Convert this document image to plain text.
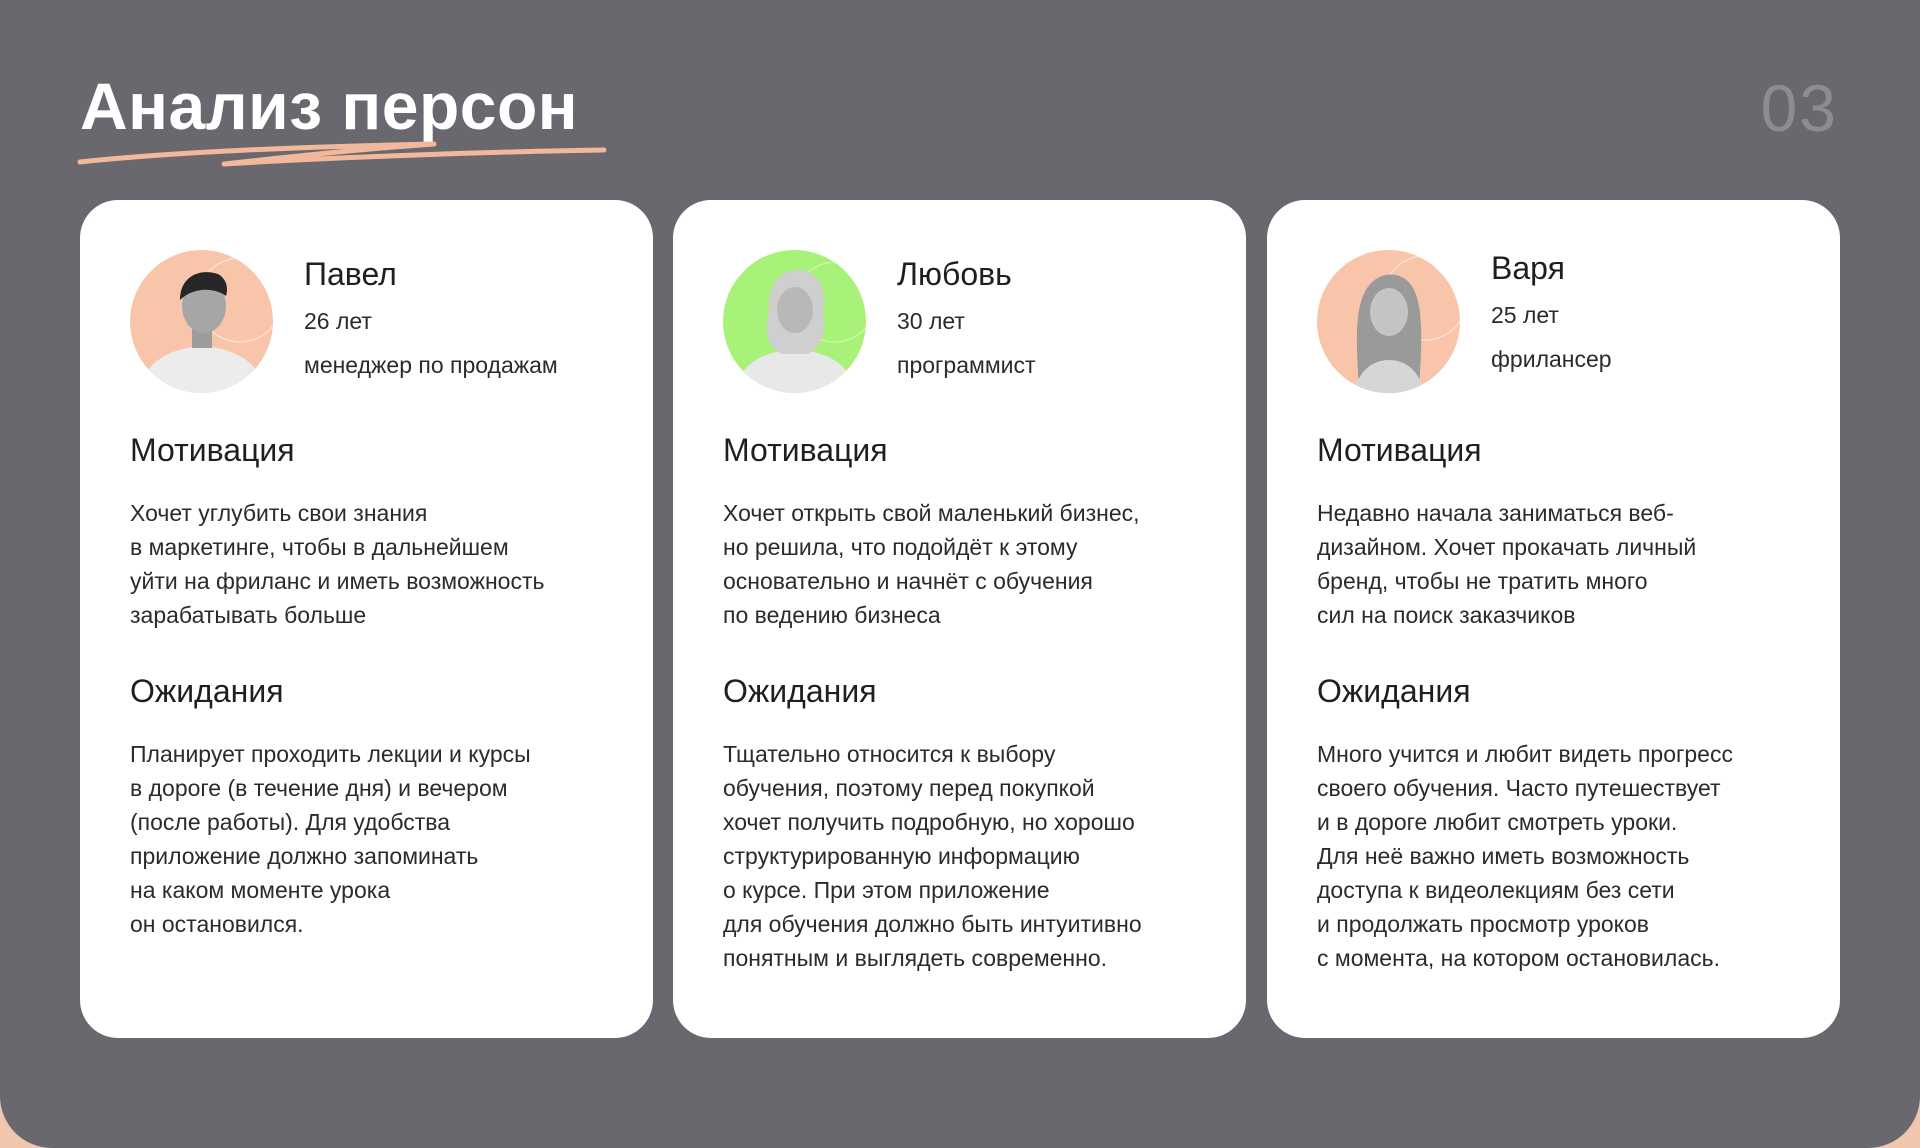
Анализ персон	03
Павел
26 лет
менеджер по продажам
Мотивация

Хочет углубить свои знания
в маркетинге, чтобы в дальнейшем
уйти на фриланс и иметь возможность
зарабатывать больше

Ожидания

Планирует проходить лекции и курсы
в дороге (в течение дня) и вечером
(после работы). Для удобства
приложение должно запоминать
на каком моменте урока
он остановился.

Любовь
30 лет
программист
Мотивация

Хочет открыть свой маленький бизнес,
но решила, что подойдёт к этому
основательно и начнёт с обучения
по ведению бизнеса

Ожидания

Тщательно относится к выбору
обучения, поэтому перед покупкой
хочет получить подробную, но хорошо
структурированную информацию
о курсе. При этом приложение
для обучения должно быть интуитивно
понятным и выглядеть современно.

Варя
25 лет
фрилансер
Мотивация

Недавно начала заниматься веб-
дизайном. Хочет прокачать личный
бренд, чтобы не тратить много
сил на поиск заказчиков

Ожидания

Много учится и любит видеть прогресс
своего обучения. Часто путешествует
и в дороге любит смотреть уроки.
Для неё важно иметь возможность
доступа к видеолекциям без сети
и продолжать просмотр уроков
с момента, на котором остановилась.
